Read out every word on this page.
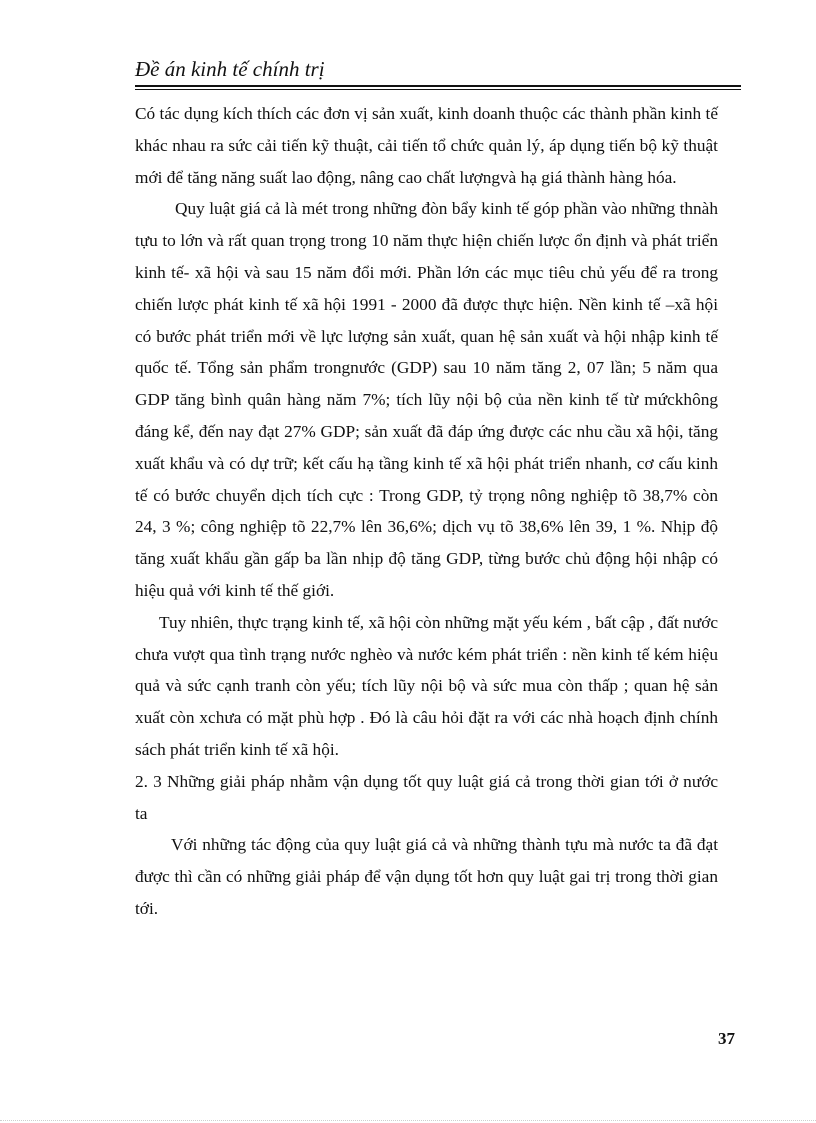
Đề án kinh tế chính trị

Có tác dụng kích thích các đơn vị sản xuất, kinh doanh thuộc các thành phần kinh tế khác nhau ra sức cải tiến kỹ thuật, cải tiến tổ chức quản lý, áp dụng tiến bộ kỹ thuật mới để tăng năng suất lao động, nâng cao chất lượngvà hạ giá thành hàng hóa.

Quy luật giá cả là mét trong những đòn bẩy kinh tế góp phần vào những thnàh tựu to lớn và rất quan trọng trong 10 năm thực hiện chiến lược ổn định và phát triển kinh tế- xã hội và sau 15 năm đổi mới. Phần lớn các mục tiêu chủ yếu để ra trong chiến lược phát kinh tế xã hội 1991 - 2000 đã được thực hiện. Nền kinh tế –xã hội có bước phát triển mới về lực lượng sản xuất, quan hệ sản xuất và hội nhập kinh tế quốc tế. Tổng sản phẩm trongnước (GDP) sau 10 năm tăng 2, 07 lần; 5 năm qua GDP tăng bình quân hàng năm 7%; tích lũy nội bộ của nền kinh tế từ mứckhông đáng kể, đến nay đạt 27% GDP; sản xuất đã đáp ứng được các nhu cầu xã hội, tăng xuất khẩu và có dự trữ; kết cấu hạ tầng kinh tế xã hội phát triển nhanh, cơ cấu kinh tế có bước chuyển dịch tích cực : Trong GDP, tỷ trọng nông nghiệp tõ 38,7% còn 24, 3 %; công nghiệp tõ 22,7% lên 36,6%; dịch vụ tõ 38,6% lên 39, 1 %. Nhịp độ tăng xuất khẩu gần gấp ba lần nhịp độ tăng GDP, từng bước chủ động hội nhập có hiệu quả với kinh tế thế giới.

Tuy nhiên, thực trạng kinh tế, xã hội còn những mặt yếu kém , bất cập , đất nước chưa vượt qua tình trạng nước nghèo và nước kém phát triển : nền kinh tế kém hiệu quả và sức cạnh tranh còn yếu; tích lũy nội bộ và sức mua còn thấp ; quan hệ sản xuất còn xchưa có mặt phù hợp . Đó là câu hỏi đặt ra với các nhà hoạch định chính sách phát triển kinh tế xã hội.

2. 3 Những giải pháp nhằm vận dụng tốt quy luật giá cả trong thời gian tới ở nước ta

Với những tác động của quy luật giá cả và những thành tựu mà nước ta đã đạt được thì cần có những giải pháp để vận dụng tốt hơn quy luật gai trị trong thời gian tới.

37
